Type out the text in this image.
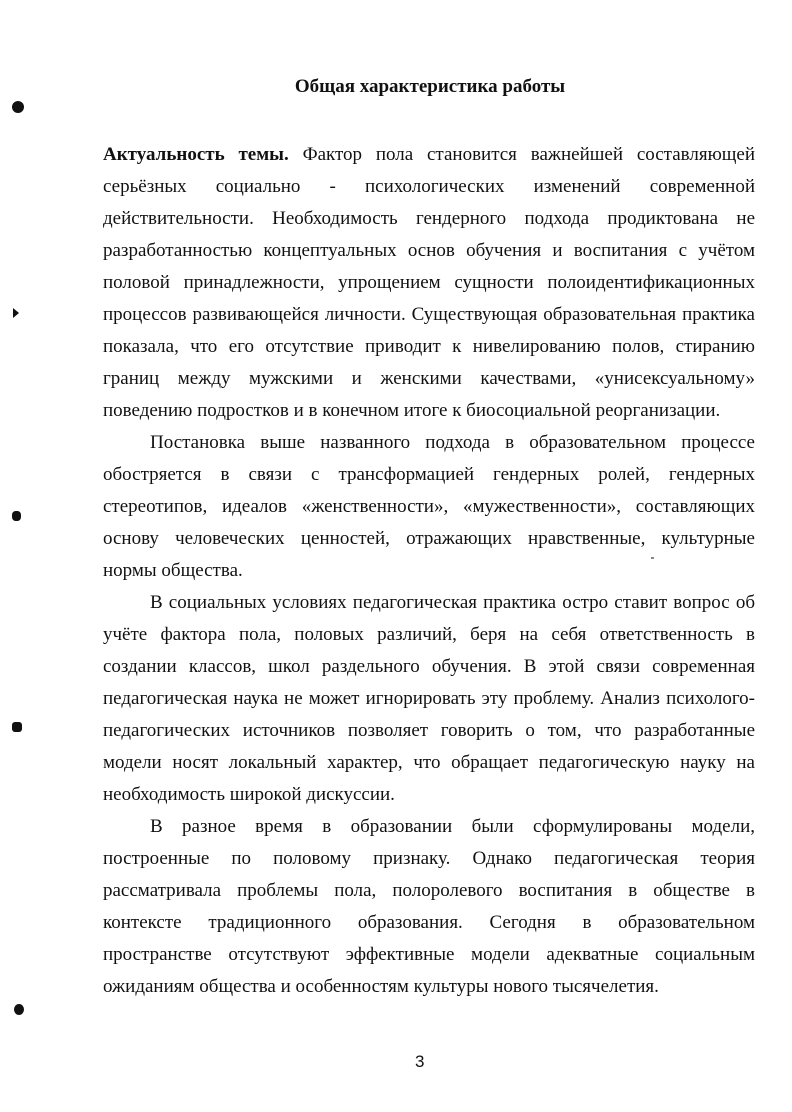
Общая характеристика работы

Актуальность темы. Фактор пола становится важнейшей составляющей серьёзных социально - психологических изменений современной действительности. Необходимость гендерного подхода продиктована не разработанностью концептуальных основ обучения и воспитания с учётом половой принадлежности, упрощением сущности полоидентификационных процессов развивающейся личности. Существующая образовательная практика показала, что его отсутствие приводит к нивелированию полов, стиранию границ между мужскими и женскими качествами, «унисексуальному» поведению подростков и в конечном итоге к биосоциальной реорганизации.

Постановка выше названного подхода в образовательном процессе обостряется в связи с трансформацией гендерных ролей, гендерных стереотипов, идеалов «женственности», «мужественности», составляющих основу человеческих ценностей, отражающих нравственные, культурные нормы общества.

В социальных условиях педагогическая практика остро ставит вопрос об учёте фактора пола, половых различий, беря на себя ответственность в создании классов, школ раздельного обучения. В этой связи современная педагогическая наука не может игнорировать эту проблему. Анализ психолого-педагогических источников позволяет говорить о том, что разработанные модели носят локальный характер, что обращает педагогическую науку на необходимость широкой дискуссии.

В разное время в образовании были сформулированы модели, построенные по половому признаку. Однако педагогическая теория рассматривала проблемы пола, полоролевого воспитания в обществе в контексте традиционного образования. Сегодня в образовательном пространстве отсутствуют эффективные модели адекватные социальным ожиданиям общества и особенностям культуры нового тысячелетия.

3
